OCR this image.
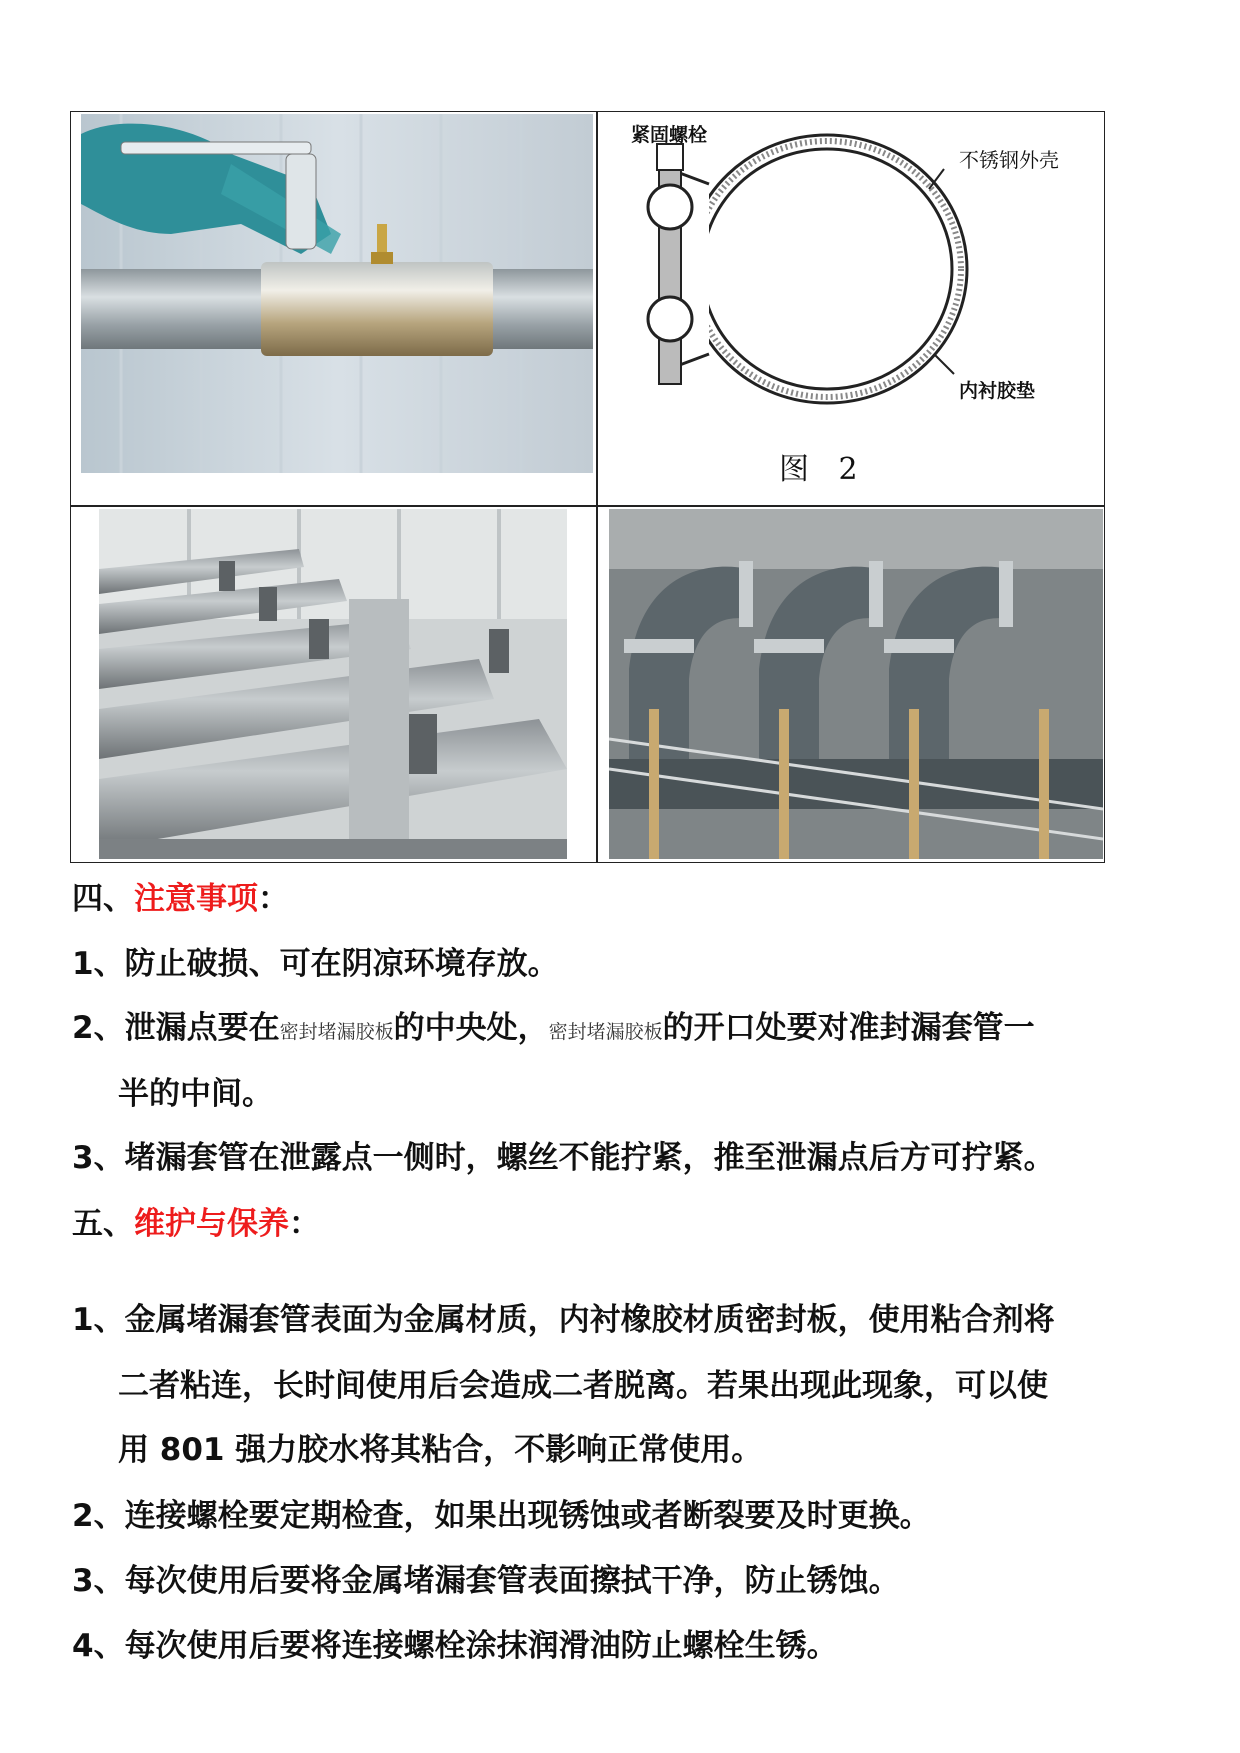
紧固螺栓
不锈钢外壳
内衬胶垫
图 2
四、注意事项：
1、防止破损、可在阴凉环境存放。
2、泄漏点要在密封堵漏胶板的中央处，密封堵漏胶板的开口处要对准封漏套管一
半的中间。
3、堵漏套管在泄露点一侧时，螺丝不能拧紧，推至泄漏点后方可拧紧。
五、维护与保养：
1、金属堵漏套管表面为金属材质，内衬橡胶材质密封板，使用粘合剂将
二者粘连，长时间使用后会造成二者脱离。若果出现此现象，可以使
用 801 强力胶水将其粘合，不影响正常使用。
2、连接螺栓要定期检查，如果出现锈蚀或者断裂要及时更换。
3、每次使用后要将金属堵漏套管表面擦拭干净，防止锈蚀。
4、每次使用后要将连接螺栓涂抹润滑油防止螺栓生锈。
